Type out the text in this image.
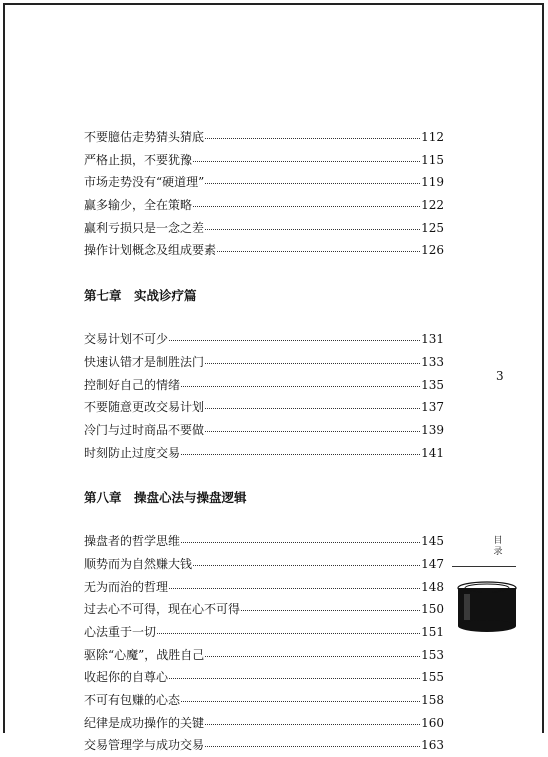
不要臆估走势猜头猜底	112
严格止损，不要犹豫	115
市场走势没有“硬道理”	119
赢多输少，全在策略	122
赢利亏损只是一念之差	125
操作计划概念及组成要素	126
第七章　实战诊疗篇
交易计划不可少	131
快速认错才是制胜法门	133
控制好自己的情绪	135
不要随意更改交易计划	137
冷门与过时商品不要做	139
时刻防止过度交易	141
第八章　操盘心法与操盘逻辑
操盘者的哲学思维	145
顺势而为自然赚大钱	147
无为而治的哲理	148
过去心不可得，现在心不可得	150
心法重于一切	151
驱除“心魔”，战胜自己	153
收起你的自尊心	155
不可有包赚的心态	158
纪律是成功操作的关键	160
交易管理学与成功交易	163
3
目录
